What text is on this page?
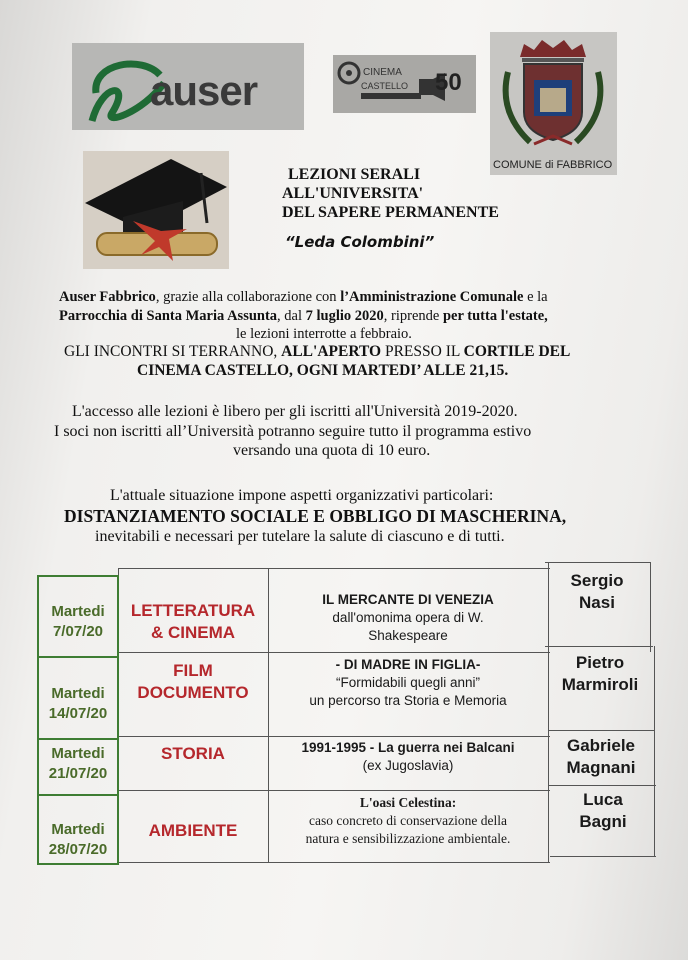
auser	CINEMA
CASTELLO 50
COMUNE di FABBRICO
LEZIONI SERALI
ALL'UNIVERSITA'
DEL SAPERE PERMANENTE
“Leda Colombini”
Auser Fabbrico, grazie alla collaborazione con l’Amministrazione Comunale e la
Parrocchia di Santa Maria Assunta, dal 7 luglio 2020, riprende per tutta l'estate,
le lezioni interrotte a febbraio.
GLI INCONTRI SI TERRANNO, ALL'APERTO PRESSO IL CORTILE DEL
CINEMA CASTELLO, OGNI MARTEDI’ ALLE 21,15.
L'accesso alle lezioni è libero per gli iscritti all'Università 2019-2020.
I soci non iscritti all’Università potranno seguire tutto il programma estivo
versando una quota di 10 euro.
L'attuale situazione impone aspetti organizzativi particolari:
DISTANZIAMENTO SOCIALE E OBBLIGO DI MASCHERINA,
inevitabili e necessari per tutelare la salute di ciascuno e di tutti.
Martedi
7/07/20
LETTERATURA
& CINEMA
IL MERCANTE DI VENEZIA
dall'omonima opera di W.
Shakespeare
Sergio
Nasi
Martedi
14/07/20
FILM
DOCUMENTO
- DI MADRE IN FIGLIA-
“Formidabili quegli anni”
un percorso tra Storia e Memoria
Pietro
Marmiroli
Martedi
21/07/20
STORIA	1991-1995 - La guerra nei Balcani
(ex Jugoslavia)
Gabriele
Magnani
Martedi
28/07/20
AMBIENTE
L'oasi Celestina:
caso concreto di conservazione della
natura e sensibilizzazione ambientale.
Luca
Bagni
